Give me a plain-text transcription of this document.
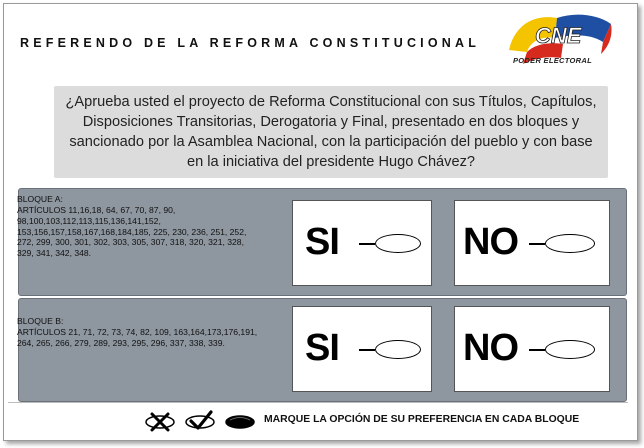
REFERENDO DE LA REFORMA CONSTITUCIONAL CNE
PODER ELECTORAL
¿Aprueba usted el proyecto de Reforma Constitucional con sus Títulos, Capítulos, Disposiciones Transitorias, Derogatoria y Final, presentado en dos bloques y sancionado por la Asamblea Nacional, con la participación del pueblo y con base en la iniciativa del presidente Hugo Chávez?
BLOQUE A:
ARTÍCULOS 11,16,18, 64, 67, 70, 87, 90, 98,100,103,112,113,115,136,141,152, 153,156,157,158,167,168,184,185, 225, 230, 236, 251, 252, 272, 299, 300, 301, 302, 303, 305, 307, 318, 320, 321, 328, 329, 341, 342, 348.	SI	NO
BLOQUE B:
ARTÍCULOS 21, 71, 72, 73, 74, 82, 109, 163,164,173,176,191, 264, 265, 266, 279, 289, 293, 295, 296, 337, 338, 339.	SI	NO
MARQUE LA OPCIÓN DE SU PREFERENCIA EN CADA BLOQUE
